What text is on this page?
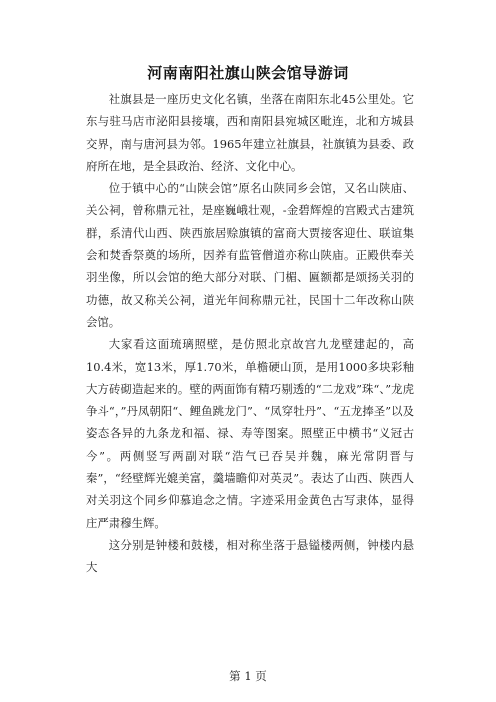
河南南阳社旗山陕会馆导游词

社旗县是一座历史文化名镇，坐落在南阳东北45公里处。它东与驻马店市泌阳县接壤，西和南阳县宛城区毗连，北和方城县交界，南与唐河县为邻。1965年建立社旗县，社旗镇为县委、政府所在地，是全县政治、经济、文化中心。

位于镇中心的“山陕会馆”原名山陕同乡会馆，又名山陕庙、关公祠，曾称鼎元社，是座巍峨壮观，-金碧辉煌的宫殿式古建筑群，系清代山西、陕西旅居赊旗镇的富商大贾接客迎仕、联谊集会和焚香祭奠的场所，因养有监管僧道亦称山陕庙。正殿供奉关羽坐像，所以会馆的绝大部分对联、门楣、匾额都是颂扬关羽的功德，故又称关公祠，道光年间称鼎元社，民国十二年改称山陕会馆。

大家看这面琉璃照壁，是仿照北京故宫九龙壁建起的，高10.4米，宽13米，厚1.70米，单檐硬山顶，是用1000多块彩釉大方砖砌造起来的。壁的两面饰有精巧剔透的“二龙戏”珠“、”龙虎争斗“，”丹凤朝阳“、鲤鱼跳龙门”、“凤穿牡丹”、“五龙捧圣”以及姿态各异的九条龙和福、禄、寿等图案。照壁正中横书“义冠古今”。两侧竖写两副对联“浩气已吞吴并魏，麻光常阴晋与秦”，“经壁辉光媲美富，羹墙瞻仰对英灵”。表达了山西、陕西人对关羽这个同乡仰慕追念之情。字迹采用金黄色古写隶体，显得庄严肃穆生辉。

这分别是钟楼和鼓楼，相对称坐落于悬镒楼两侧，钟楼内悬大

第 1 页
